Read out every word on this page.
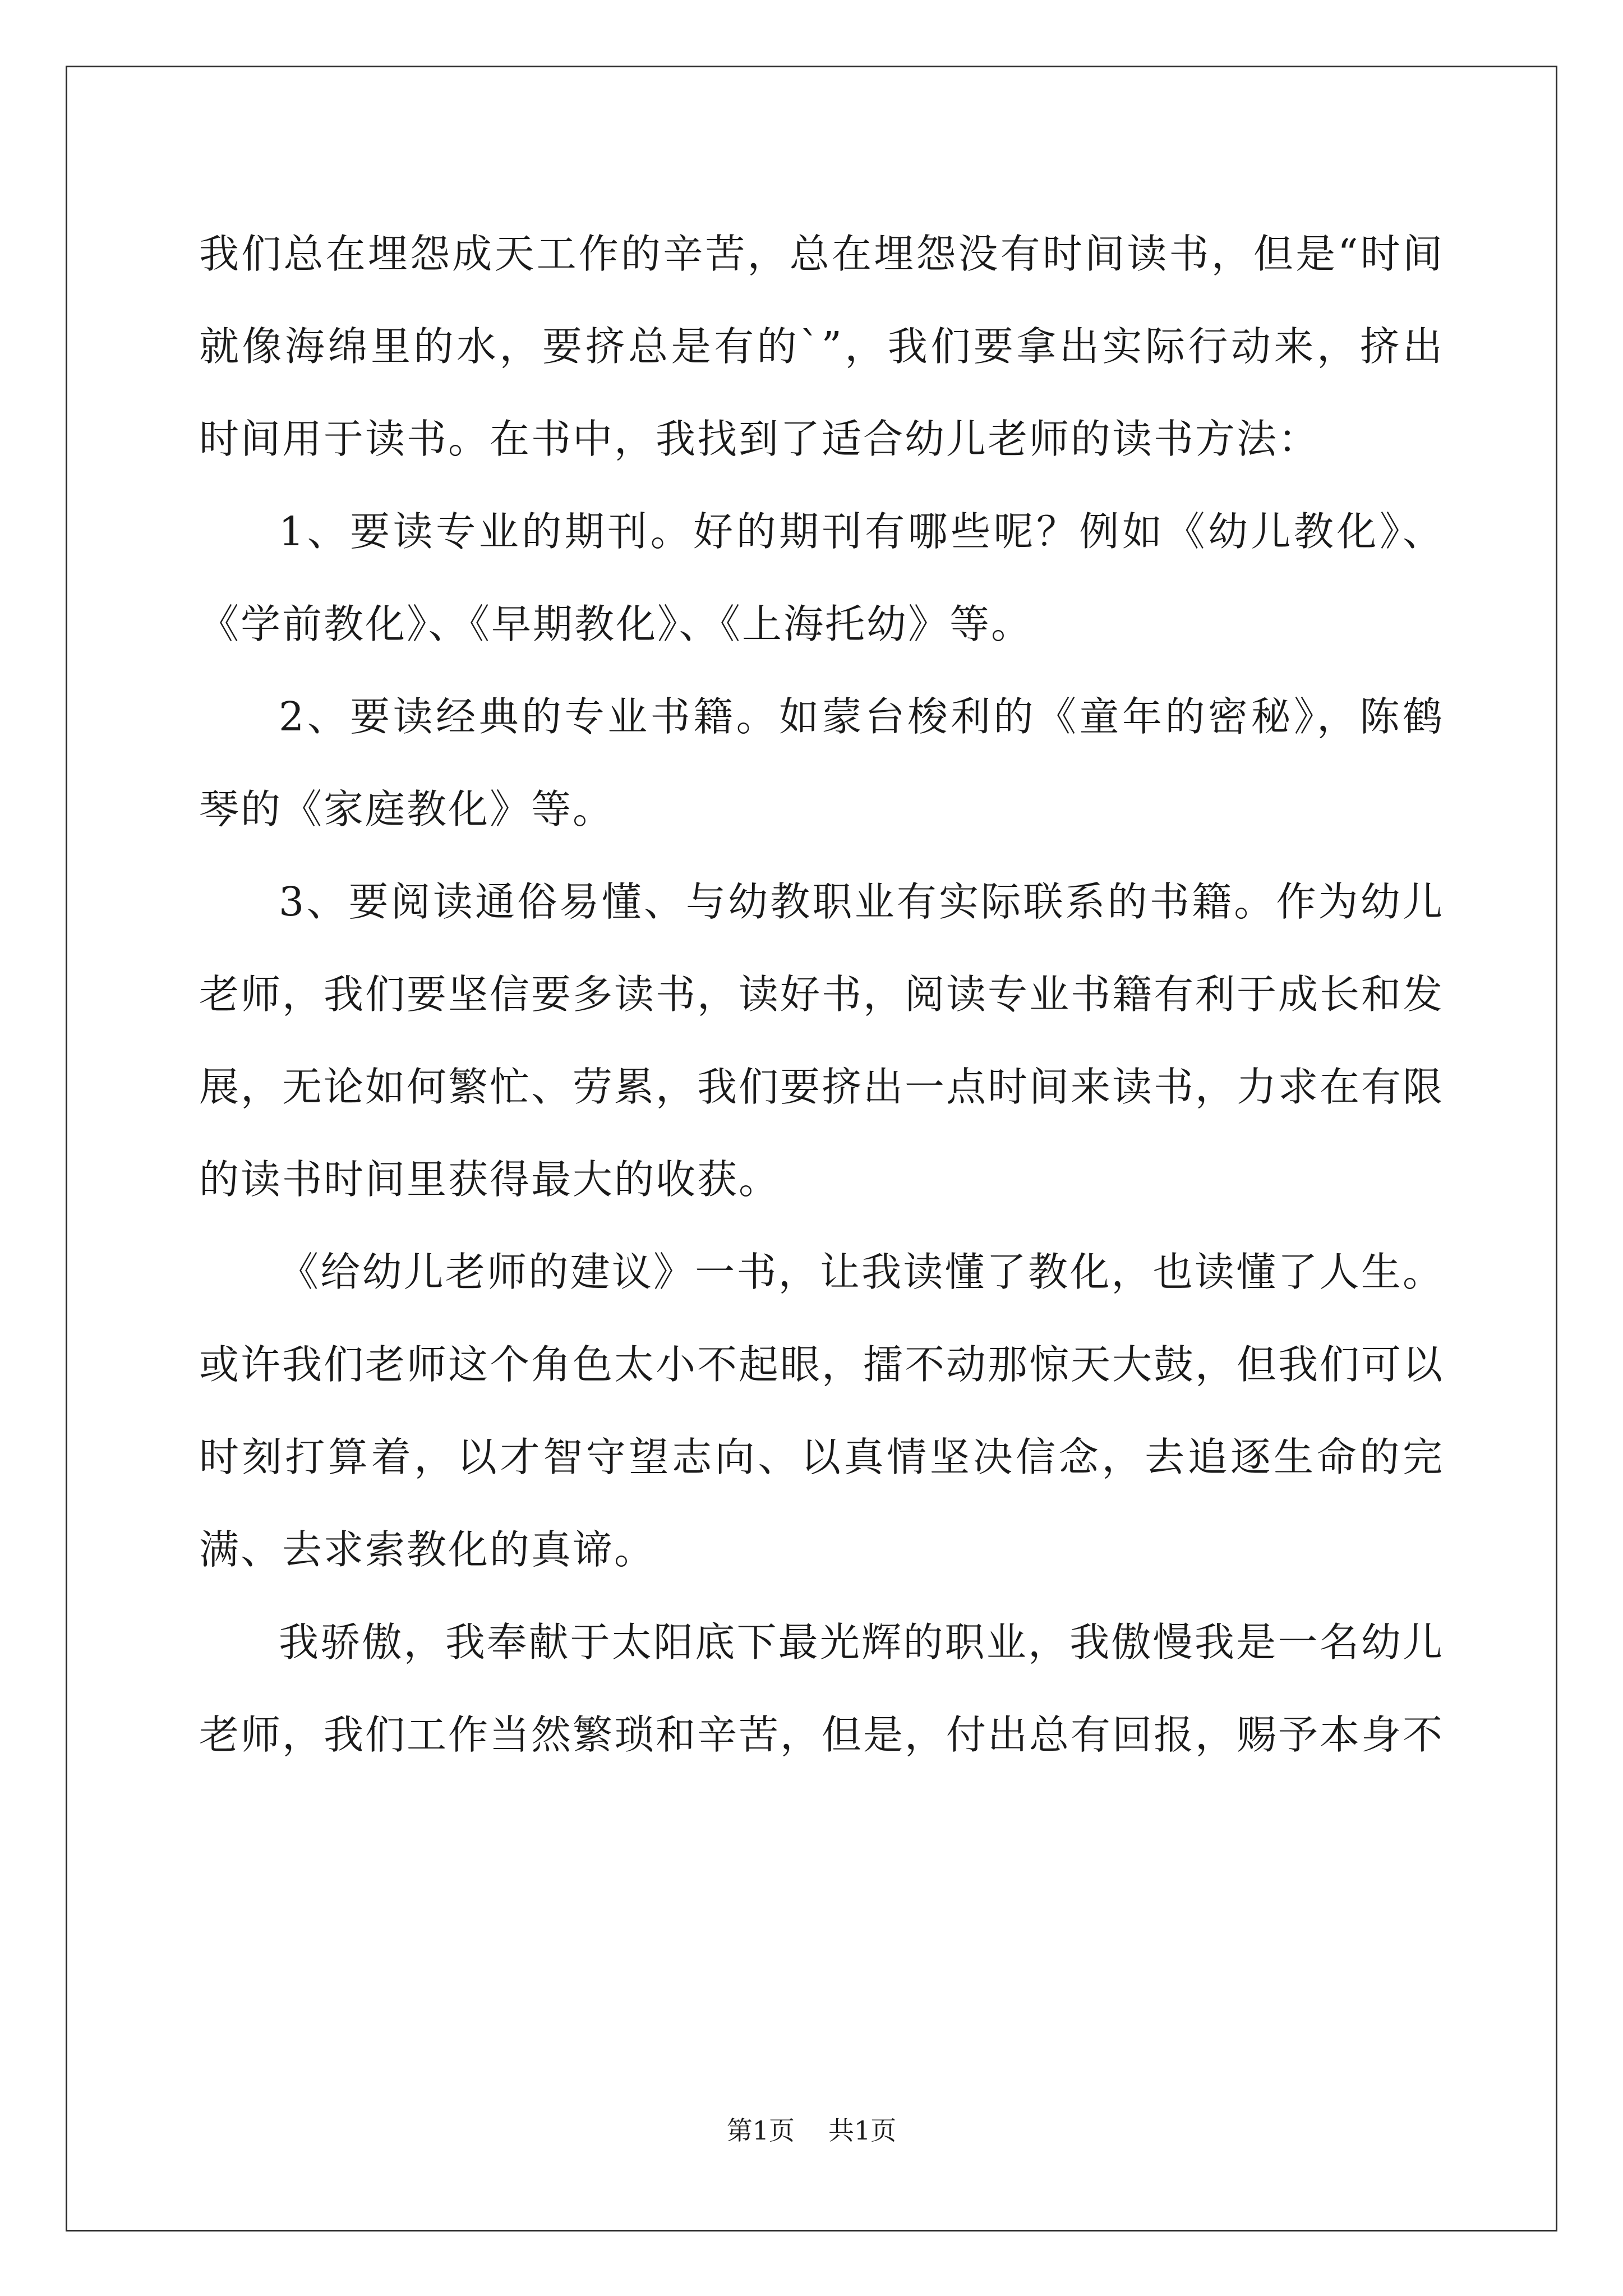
我们总在埋怨成天工作的辛苦，总在埋怨没有时间读书，但是“时间就像海绵里的水，要挤总是有的`”，我们要拿出实际行动来，挤出时间用于读书。在书中，我找到了适合幼儿老师的读书方法：

1、要读专业的期刊。好的期刊有哪些呢？例如《幼儿教化》、《学前教化》、《早期教化》、《上海托幼》等。

2、要读经典的专业书籍。如蒙台梭利的《童年的密秘》，陈鹤琴的《家庭教化》等。

3、要阅读通俗易懂、与幼教职业有实际联系的书籍。作为幼儿老师，我们要坚信要多读书，读好书，阅读专业书籍有利于成长和发展，无论如何繁忙、劳累，我们要挤出一点时间来读书，力求在有限的读书时间里获得最大的收获。

《给幼儿老师的建议》一书，让我读懂了教化，也读懂了人生。或许我们老师这个角色太小不起眼，擂不动那惊天大鼓，但我们可以时刻打算着，以才智守望志向、以真情坚决信念，去追逐生命的完满、去求索教化的真谛。

我骄傲，我奉献于太阳底下最光辉的职业，我傲慢我是一名幼儿老师，我们工作当然繁琐和辛苦，但是，付出总有回报，赐予本身不

第1页 共1页
